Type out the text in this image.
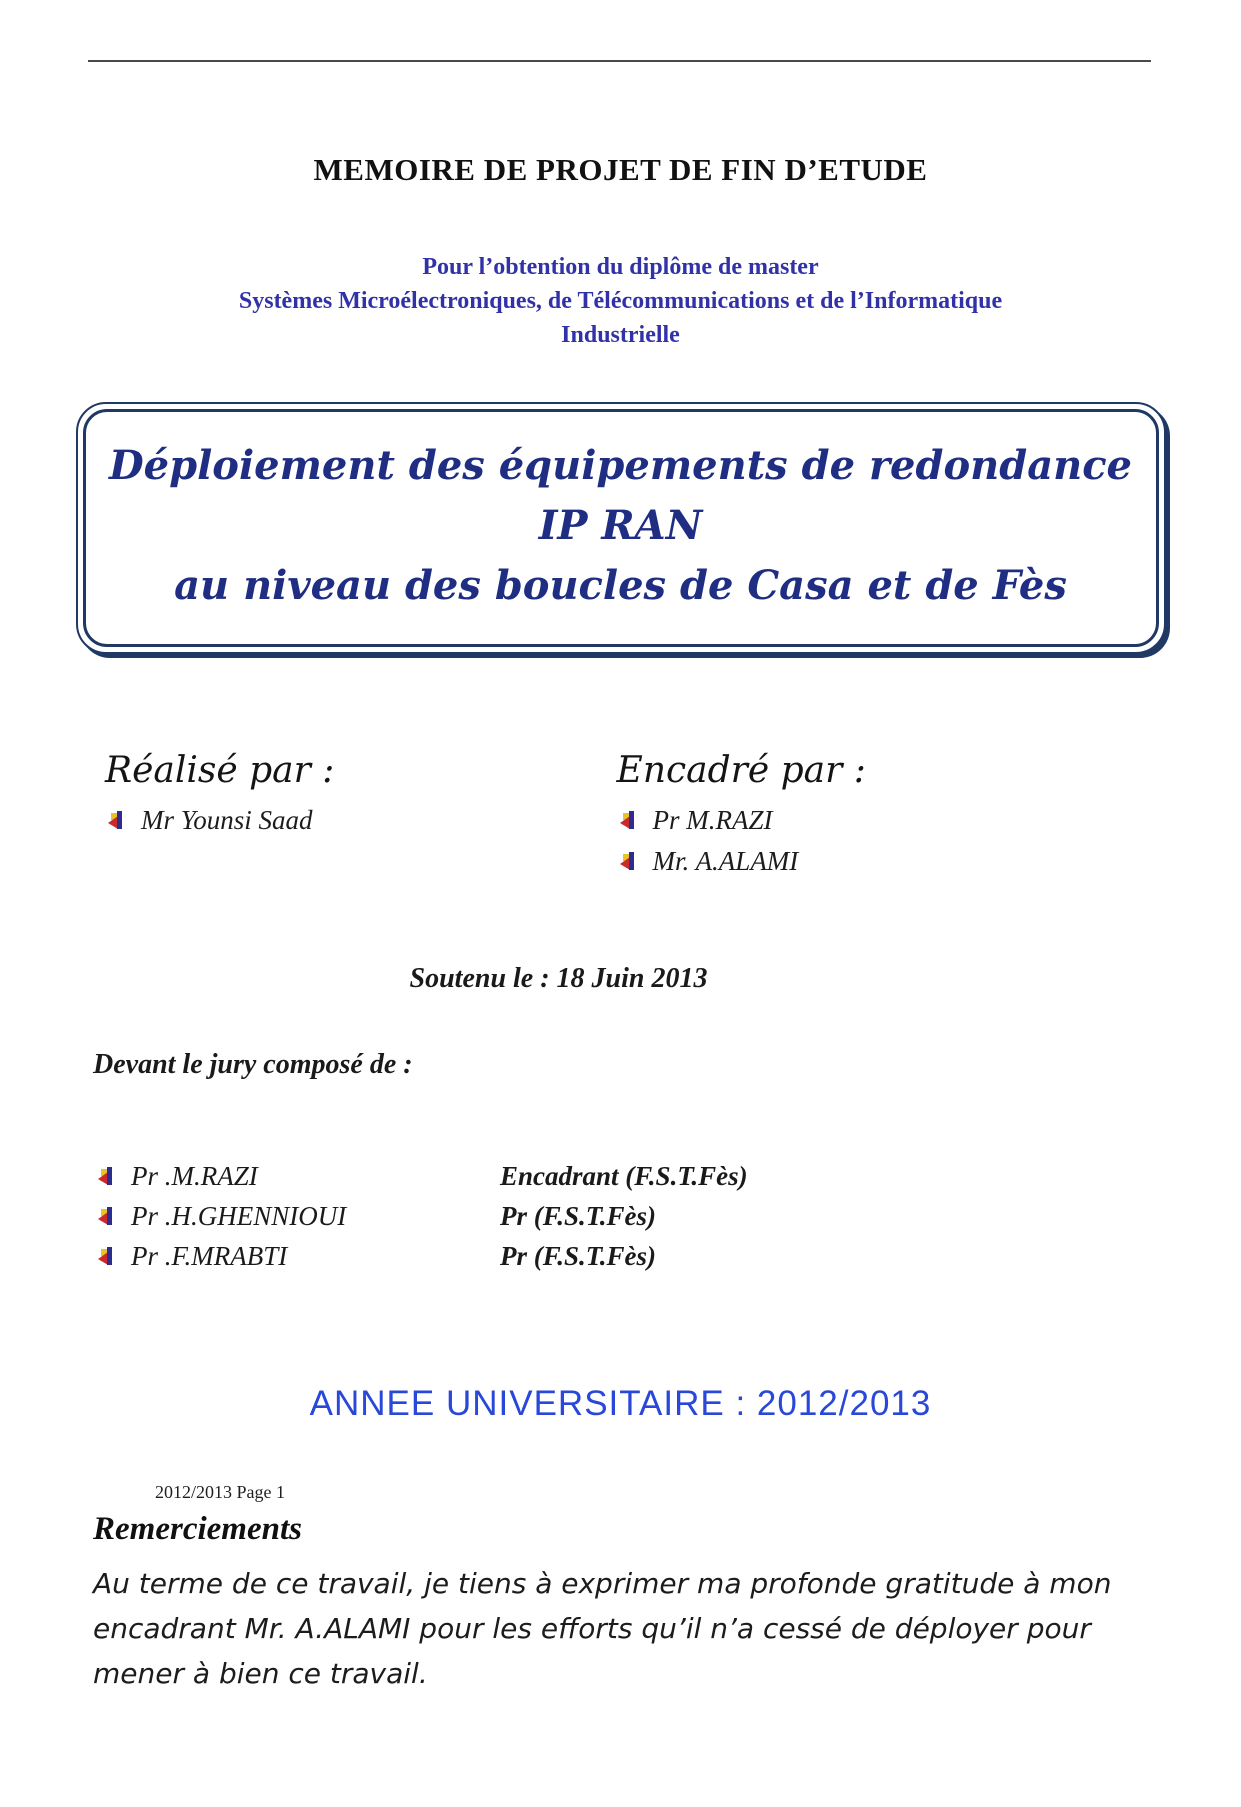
MEMOIRE DE PROJET DE FIN D’ETUDE
Pour l’obtention du diplôme de master
Systèmes Microélectroniques, de Télécommunications et de l’Informatique
Industrielle
Déploiement des équipements de redondance IP RAN
au niveau des boucles de Casa et de Fès
Réalisé par :
Mr Younsi Saad
Encadré par :
Pr M.RAZI
Mr. A.ALAMI
Soutenu le : 18 Juin 2013
Devant le jury composé de :
Pr .M.RAZI	Encadrant (F.S.T.Fès)
Pr .H.GHENNIOUI	Pr (F.S.T.Fès)
Pr .F.MRABTI	Pr (F.S.T.Fès)
ANNEE UNIVERSITAIRE : 2012/2013
2012/2013 Page 1
Remerciements
Au terme de ce travail, je tiens à exprimer ma profonde gratitude à mon encadrant Mr. A.ALAMI pour les efforts qu’il n’a cessé de déployer pour mener à bien ce travail.
